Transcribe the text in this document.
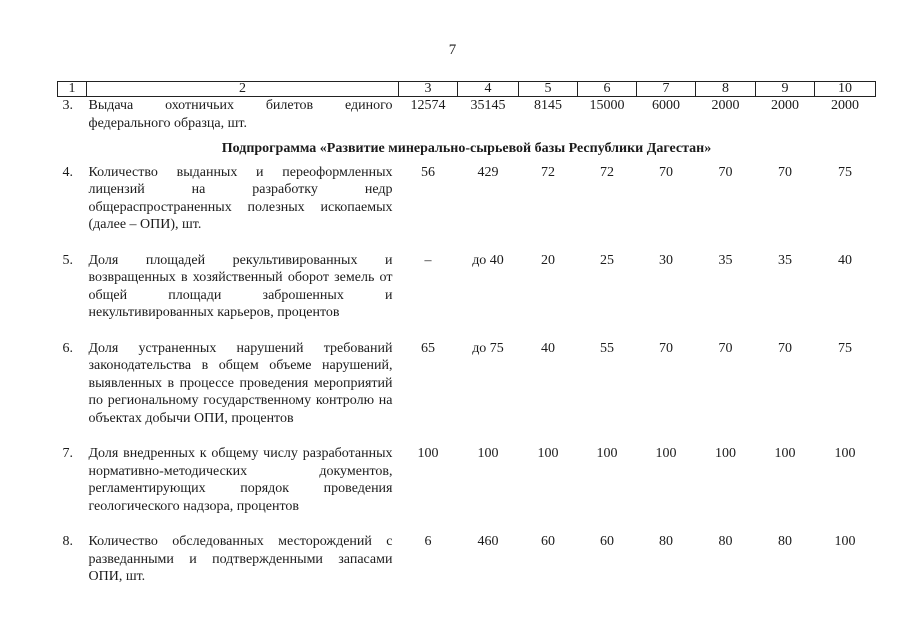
7
1	2	3	4	5	6	7	8	9	10
3.	Выдача охотничьих билетов единого федерального образца, шт.	12574	35145	8145	15000	6000	2000	2000	2000
Подпрограмма «Развитие минерально-сырьевой базы Республики Дагестан»									
4.	Количество выданных и переоформленных лицензий на разработку недр общераспространенных полезных ископаемых (далее – ОПИ), шт.	56	429	72	72	70	70	70	75
5.	Доля площадей рекультивированных и возвращенных в хозяйственный оборот земель от общей площади заброшенных и некультивированных карьеров, процентов	–	до 40	20	25	30	35	35	40
6.	Доля устраненных нарушений требований законодательства в общем объеме нарушений, выявленных в процессе проведения мероприятий по региональному государственному контролю на объектах добычи ОПИ, процентов	65	до 75	40	55	70	70	70	75
7.	Доля внедренных к общему числу разработанных нормативно-методических документов, регламентирующих порядок проведения геологического надзора, процентов	100	100	100	100	100	100	100	100
8.	Количество обследованных месторождений с разведанными и подтвержденными запасами ОПИ, шт.	6	460	60	60	80	80	80	100
